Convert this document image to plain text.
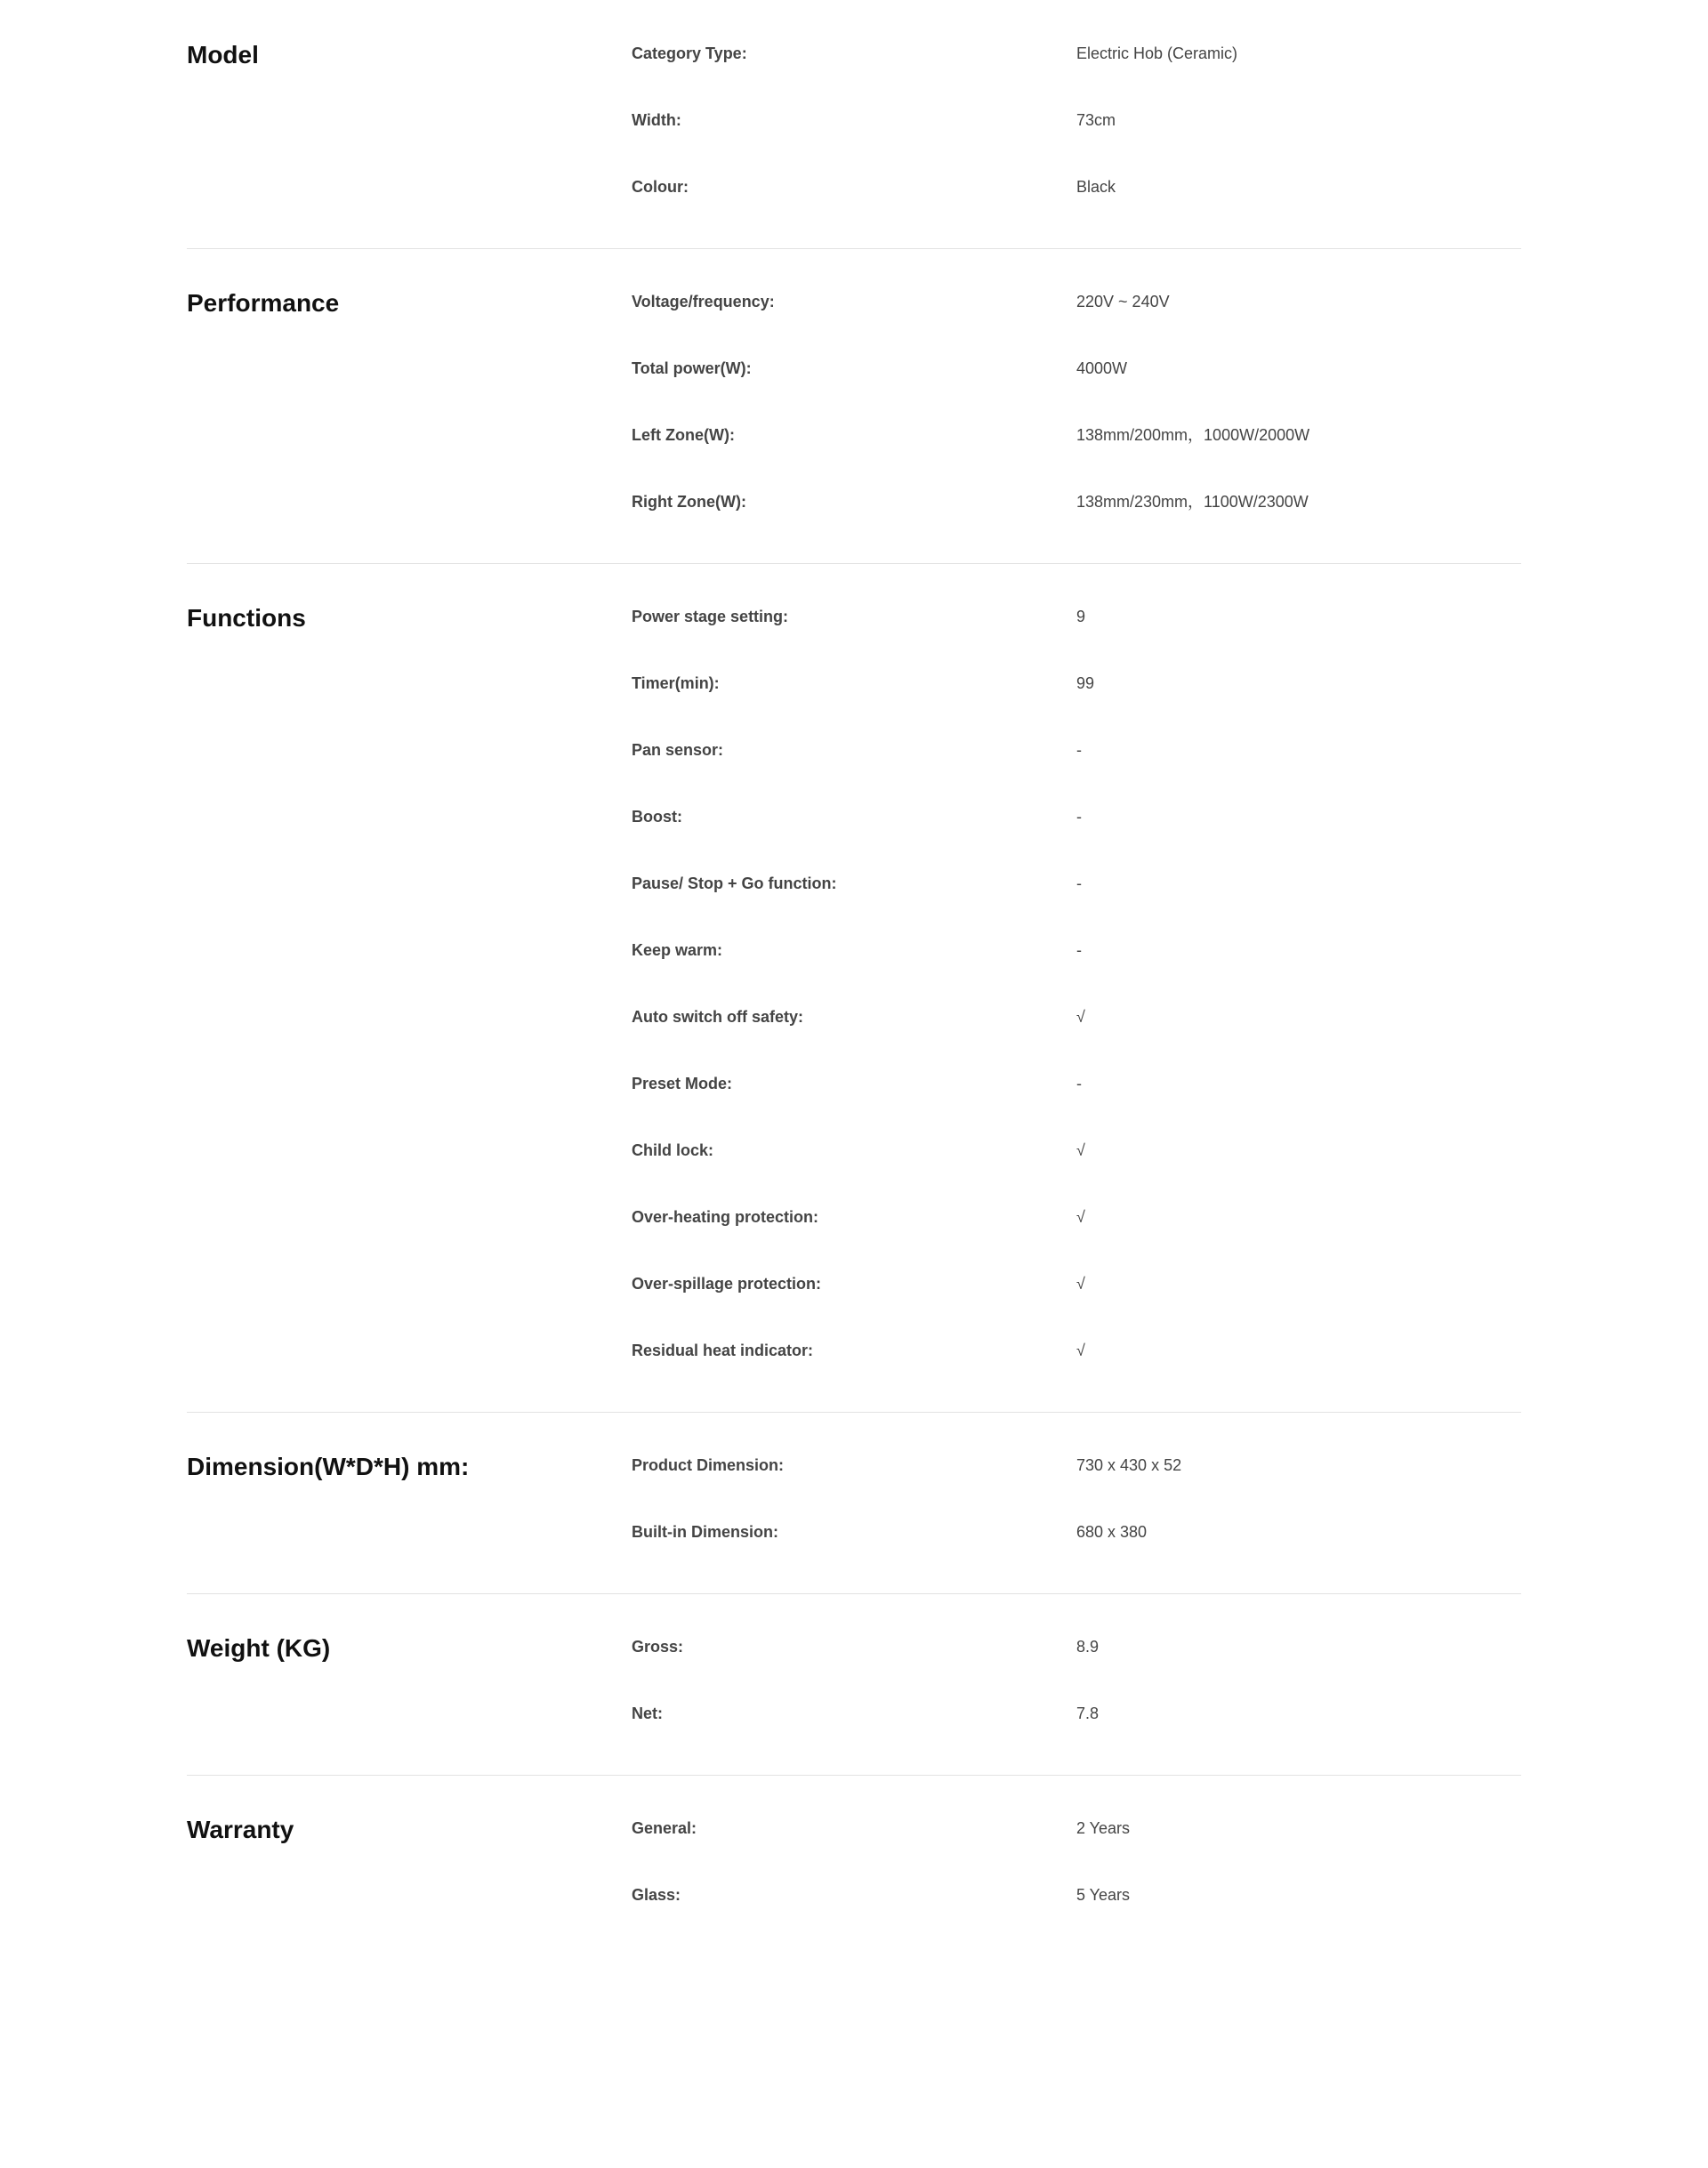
Model	Category Type:	Electric Hob (Ceramic)
Width:	73cm
Colour:	Black
Performance	Voltage/frequency:	220V ~ 240V
Total power(W):	4000W
Left Zone(W):	138mm/200mm，1000W/2000W
Right Zone(W):	138mm/230mm，1100W/2300W
Functions	Power stage setting:	9
Timer(min):	99
Pan sensor:	-
Boost:	-
Pause/ Stop + Go function:	-
Keep warm:	-
Auto switch off safety:	√
Preset Mode:	-
Child lock:	√
Over-heating protection:	√
Over-spillage protection:	√
Residual heat indicator:	√
Dimension(W*D*H) mm:	Product Dimension:	730 x 430 x 52
Built-in Dimension:	680 x 380
Weight (KG)	Gross:	8.9
Net:	7.8
Warranty	General:	2 Years
Glass:	5 Years
